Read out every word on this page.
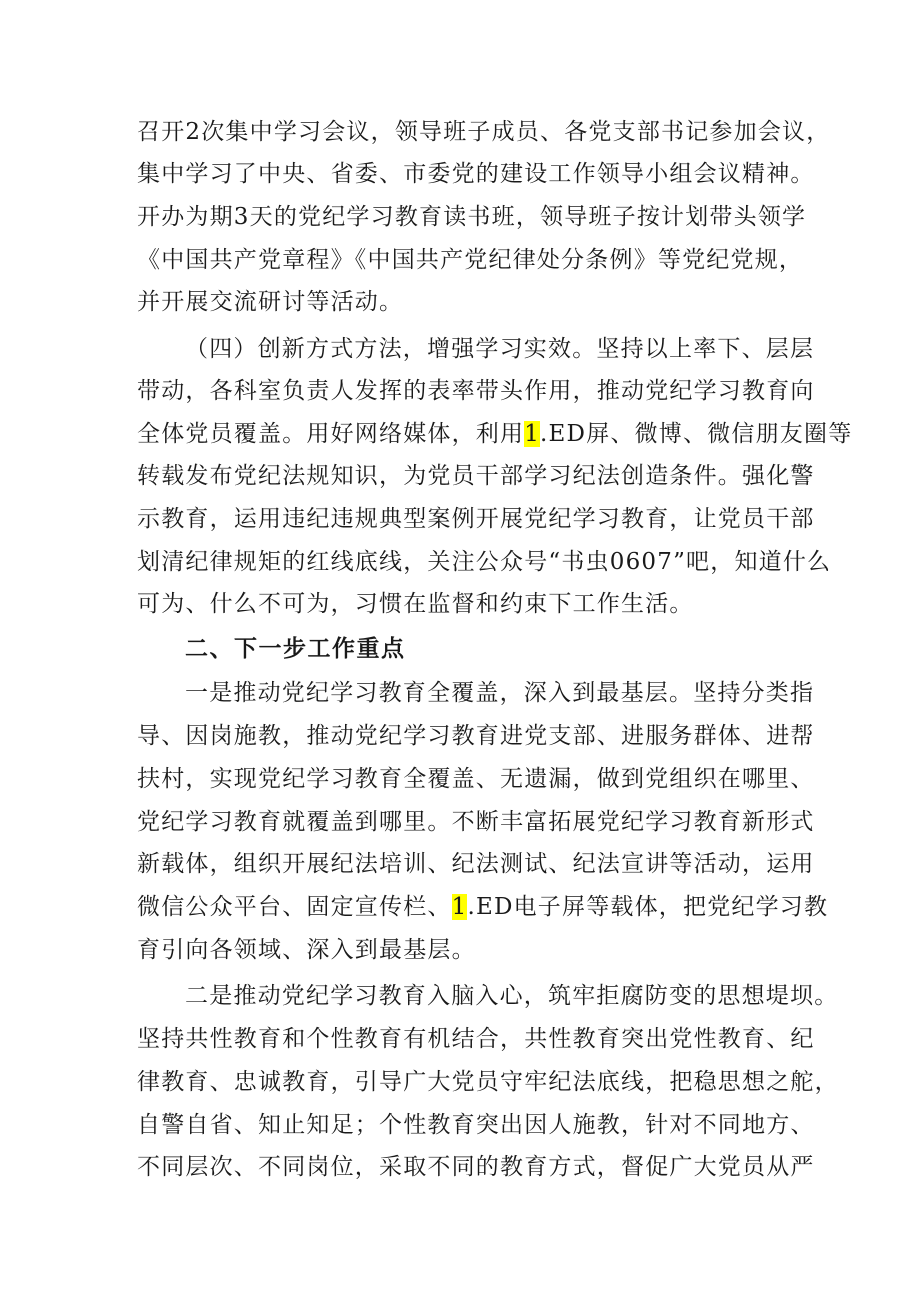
召开2次集中学习会议，领导班子成员、各党支部书记参加会议，
集中学习了中央、省委、市委党的建设工作领导小组会议精神。
开办为期3天的党纪学习教育读书班，领导班子按计划带头领学
《中国共产党章程》《中国共产党纪律处分条例》等党纪党规，
并开展交流研讨等活动。
（四）创新方式方法，增强学习实效。坚持以上率下、层层
带动，各科室负责人发挥的表率带头作用，推动党纪学习教育向
全体党员覆盖。用好网络媒体，利用1.ED屏、微博、微信朋友圈等
转载发布党纪法规知识，为党员干部学习纪法创造条件。强化警
示教育，运用违纪违规典型案例开展党纪学习教育，让党员干部
划清纪律规矩的红线底线，关注公众号“书虫0607”吧，知道什么
可为、什么不可为，习惯在监督和约束下工作生活。
二、下一步工作重点
一是推动党纪学习教育全覆盖，深入到最基层。坚持分类指
导、因岗施教，推动党纪学习教育进党支部、进服务群体、进帮
扶村，实现党纪学习教育全覆盖、无遗漏，做到党组织在哪里、
党纪学习教育就覆盖到哪里。不断丰富拓展党纪学习教育新形式
新载体，组织开展纪法培训、纪法测试、纪法宣讲等活动，运用
微信公众平台、固定宣传栏、1.ED电子屏等载体，把党纪学习教
育引向各领域、深入到最基层。
二是推动党纪学习教育入脑入心，筑牢拒腐防变的思想堤坝。
坚持共性教育和个性教育有机结合，共性教育突出党性教育、纪
律教育、忠诚教育，引导广大党员守牢纪法底线，把稳思想之舵，
自警自省、知止知足；个性教育突出因人施教，针对不同地方、
不同层次、不同岗位，采取不同的教育方式，督促广大党员从严
